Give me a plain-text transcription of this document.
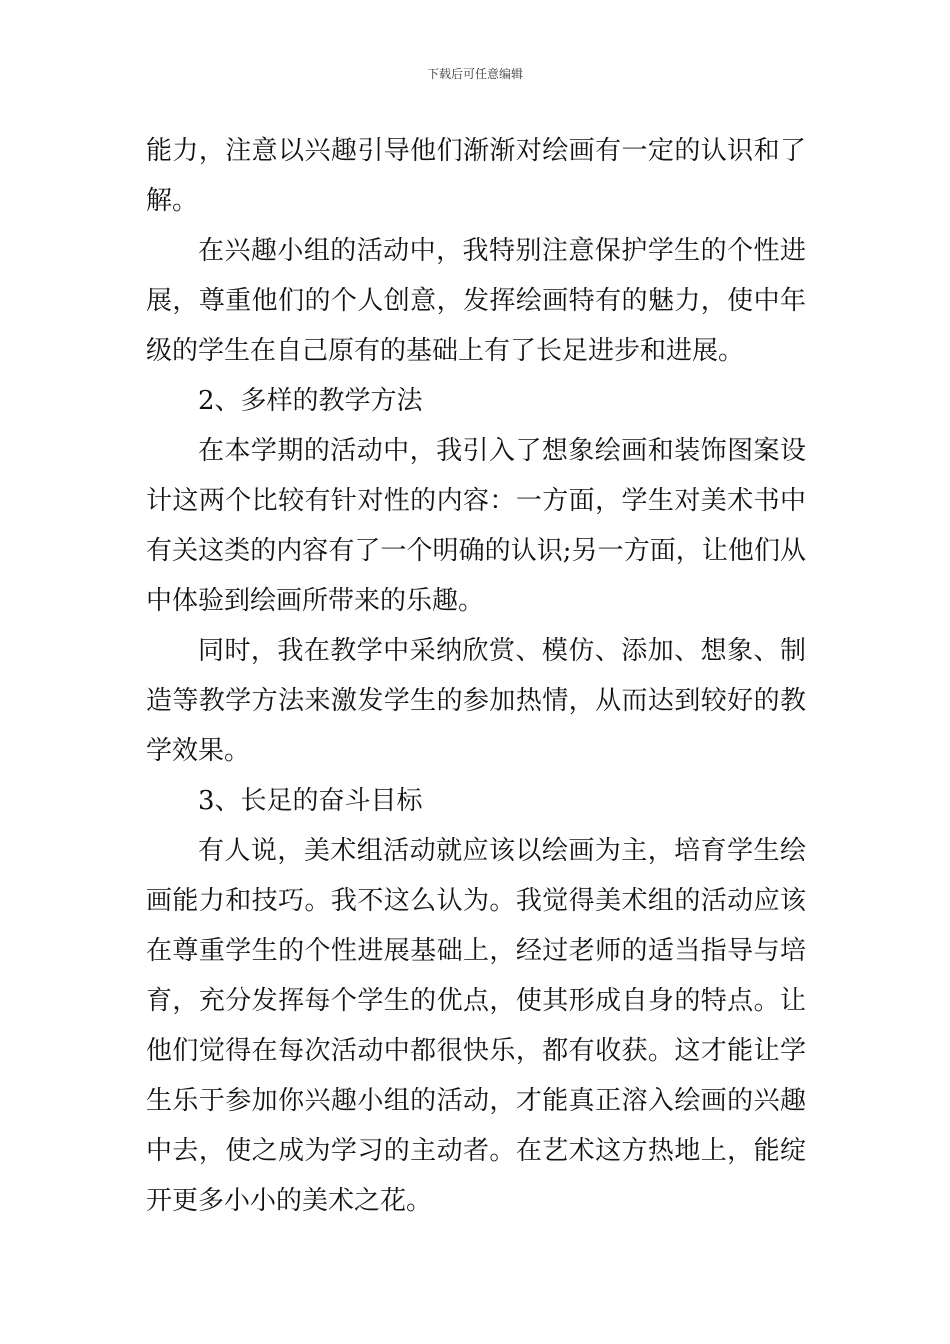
下载后可任意编辑
能力，注意以兴趣引导他们渐渐对绘画有一定的认识和了
解。
在兴趣小组的活动中，我特别注意保护学生的个性进
展，尊重他们的个人创意，发挥绘画特有的魅力，使中年
级的学生在自己原有的基础上有了长足进步和进展。
2、多样的教学方法
在本学期的活动中，我引入了想象绘画和装饰图案设
计这两个比较有针对性的内容：一方面，学生对美术书中
有关这类的内容有了一个明确的认识;另一方面，让他们从
中体验到绘画所带来的乐趣。
同时，我在教学中采纳欣赏、模仿、添加、想象、制
造等教学方法来激发学生的参加热情，从而达到较好的教
学效果。
3、长足的奋斗目标
有人说，美术组活动就应该以绘画为主，培育学生绘
画能力和技巧。我不这么认为。我觉得美术组的活动应该
在尊重学生的个性进展基础上，经过老师的适当指导与培
育，充分发挥每个学生的优点，使其形成自身的特点。让
他们觉得在每次活动中都很快乐，都有收获。这才能让学
生乐于参加你兴趣小组的活动，才能真正溶入绘画的兴趣
中去，使之成为学习的主动者。在艺术这方热地上，能绽
开更多小小的美术之花。
